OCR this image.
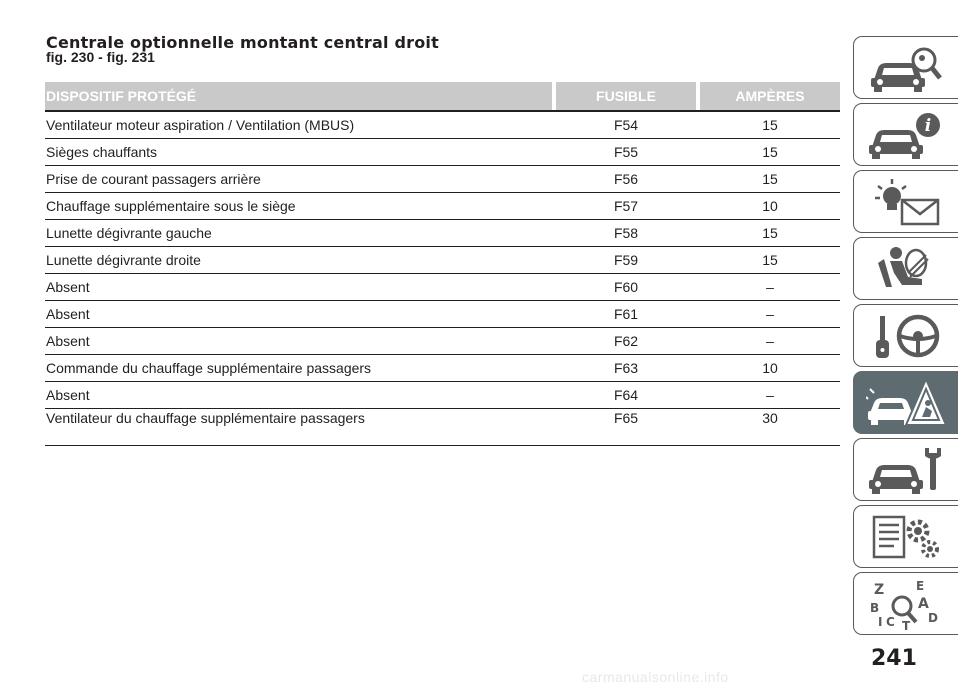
Centrale optionnelle montant central droit
fig. 230 - fig. 231
DISPOSITIF PROTÉGÉ	FUSIBLE	AMPÈRES
Ventilateur moteur aspiration / Ventilation (MBUS)	F54	15
Sièges chauffants	F55	15
Prise de courant passagers arrière	F56	15
Chauffage supplémentaire sous le siège	F57	10
Lunette dégivrante gauche	F58	15
Lunette dégivrante droite	F59	15
Absent	F60	–
Absent	F61	–
Absent	F62	–
Commande du chauffage supplémentaire passagers	F63	10
Absent	F64	–
Ventilateur du chauffage supplémentaire passagers	F65	30
i
Z	E
B	A
I C T
D
241
carmanualsonline.info
